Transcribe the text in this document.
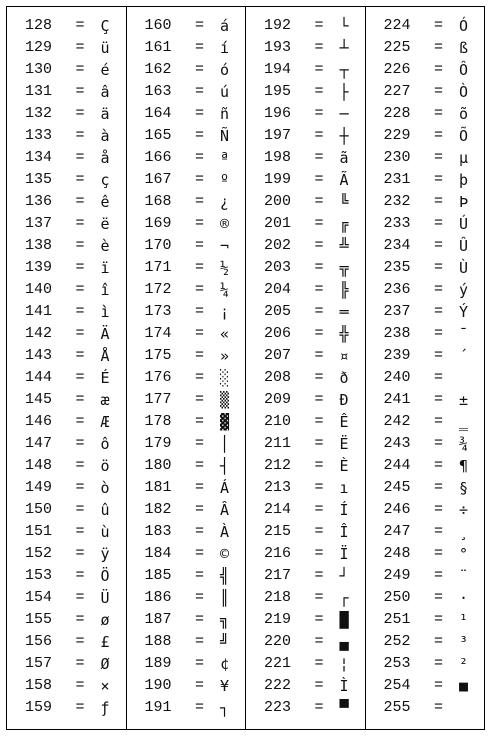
128	=	Ç
129	=	ü
130	=	é
131	=	â
132	=	ä
133	=	à
134	=	å
135	=	ç
136	=	ê
137	=	ë
138	=	è
139	=	ï
140	=	î
141	=	ì
142	=	Ä
143	=	Å
144	=	É
145	=	æ
146	=	Æ
147	=	ô
148	=	ö
149	=	ò
150	=	û
151	=	ù
152	=	ÿ
153	=	Ö
154	=	Ü
155	=	ø
156	=	£
157	=	Ø
158	=	×
159	=	ƒ
160	=	á
161	=	í
162	=	ó
163	=	ú
164	=	ñ
165	=	Ñ
166	=	ª
167	=	º
168	=	¿
169	=	®
170	=	¬
171	=	½
172	=	¼
173	=	¡
174	=	«
175	=	»
176	=	░
177	=	▒
178	=	▓
179	=	│
180	=	┤
181	=	Á
182	=	Â
183	=	À
184	=	©
185	=	╣
186	=	║
187	=	╗
188	=	╝
189	=	¢
190	=	¥
191	=	┐
192	=	└
193	=	┴
194	=	┬
195	=	├
196	=	─
197	=	┼
198	=	ã
199	=	Ã
200	=	╚
201	=	╔
202	=	╩
203	=	╦
204	=	╠
205	=	═
206	=	╬
207	=	¤
208	=	ð
209	=	Ð
210	=	Ê
211	=	Ë
212	=	È
213	=	ı
214	=	Í
215	=	Î
216	=	Ï
217	=	┘
218	=	┌
219	=	█
220	=	▄
221	=	¦
222	=	Ì
223	=	▀
224	=	Ó
225	=	ß
226	=	Ô
227	=	Ò
228	=	õ
229	=	Õ
230	=	µ
231	=	þ
232	=	Þ
233	=	Ú
234	=	Û
235	=	Ù
236	=	ý
237	=	Ý
238	=	¯
239	=	´
240	=
241	=	±
242	=	‗
243	=	¾
244	=	¶
245	=	§
246	=	÷
247	=	¸
248	=	°
249	=	¨
250	=	·
251	=	¹
252	=	³
253	=	²
254	=	■
255	=
